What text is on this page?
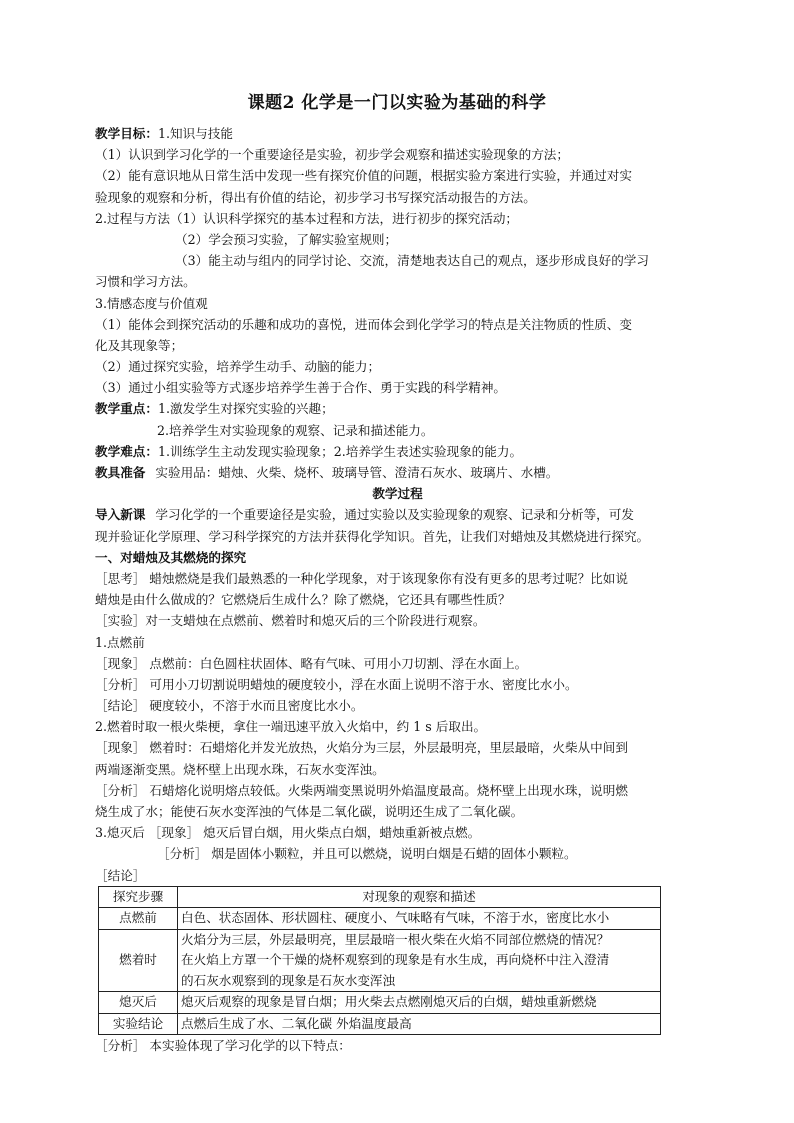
课题2 化学是一门以实验为基础的科学
教学目标：1.知识与技能
（1）认识到学习化学的一个重要途径是实验，初步学会观察和描述实验现象的方法；
（2）能有意识地从日常生活中发现一些有探究价值的问题，根据实验方案进行实验，并通过对实
验现象的观察和分析，得出有价值的结论，初步学习书写探究活动报告的方法。
2.过程与方法（1）认识科学探究的基本过程和方法，进行初步的探究活动；
（2）学会预习实验，了解实验室规则；
（3）能主动与组内的同学讨论、交流，清楚地表达自己的观点，逐步形成良好的学习
习惯和学习方法。
3.情感态度与价值观
（1）能体会到探究活动的乐趣和成功的喜悦，进而体会到化学学习的特点是关注物质的性质、变
化及其现象等；
（2）通过探究实验，培养学生动手、动脑的能力；
（3）通过小组实验等方式逐步培养学生善于合作、勇于实践的科学精神。
教学重点：1.激发学生对探究实验的兴趣；
2.培养学生对实验现象的观察、记录和描述能力。
教学难点：1.训练学生主动发现实验现象；2.培养学生表述实验现象的能力。
教具准备 实验用品：蜡烛、火柴、烧杯、玻璃导管、澄清石灰水、玻璃片、水槽。
教学过程
导入新课 学习化学的一个重要途径是实验，通过实验以及实验现象的观察、记录和分析等，可发
现并验证化学原理、学习科学探究的方法并获得化学知识。首先，让我们对蜡烛及其燃烧进行探究。
一、对蜡烛及其燃烧的探究
［思考］ 蜡烛燃烧是我们最熟悉的一种化学现象，对于该现象你有没有更多的思考过呢？比如说
蜡烛是由什么做成的？它燃烧后生成什么？除了燃烧，它还具有哪些性质？
［实验］对一支蜡烛在点燃前、燃着时和熄灭后的三个阶段进行观察。
1.点燃前
［现象］ 点燃前：白色圆柱状固体、略有气味、可用小刀切割、浮在水面上。
［分析］ 可用小刀切割说明蜡烛的硬度较小，浮在水面上说明不溶于水、密度比水小。
［结论］ 硬度较小，不溶于水而且密度比水小。
2.燃着时取一根火柴梗，拿住一端迅速平放入火焰中，约 1 s 后取出。
［现象］ 燃着时：石蜡熔化并发光放热，火焰分为三层，外层最明亮，里层最暗，火柴从中间到
两端逐渐变黑。烧杯壁上出现水珠，石灰水变浑浊。
［分析］ 石蜡熔化说明熔点较低。火柴两端变黑说明外焰温度最高。烧杯壁上出现水珠，说明燃
烧生成了水；能使石灰水变浑浊的气体是二氧化碳，说明还生成了二氧化碳。
3.熄灭后 ［现象］ 熄灭后冒白烟，用火柴点白烟，蜡烛重新被点燃。
［分析］ 烟是固体小颗粒，并且可以燃烧，说明白烟是石蜡的固体小颗粒。
［结论］
探究步骤	对现象的观察和描述
点燃前	白色、状态固体、形状圆柱、硬度小、气味略有气味，不溶于水，密度比水小

燃着时	火焰分为三层，外层最明亮，里层最暗一根火柴在火焰不同部位燃烧的情况？
在火焰上方罩一个干燥的烧杯观察到的现象是有水生成，再向烧杯中注入澄清
的石灰水观察到的现象是石灰水变浑浊

熄灭后	熄灭后观察的现象是冒白烟；用火柴去点燃刚熄灭后的白烟，蜡烛重新燃烧

实验结论	点燃后生成了水、二氧化碳 外焰温度最高
［分析］ 本实验体现了学习化学的以下特点：
